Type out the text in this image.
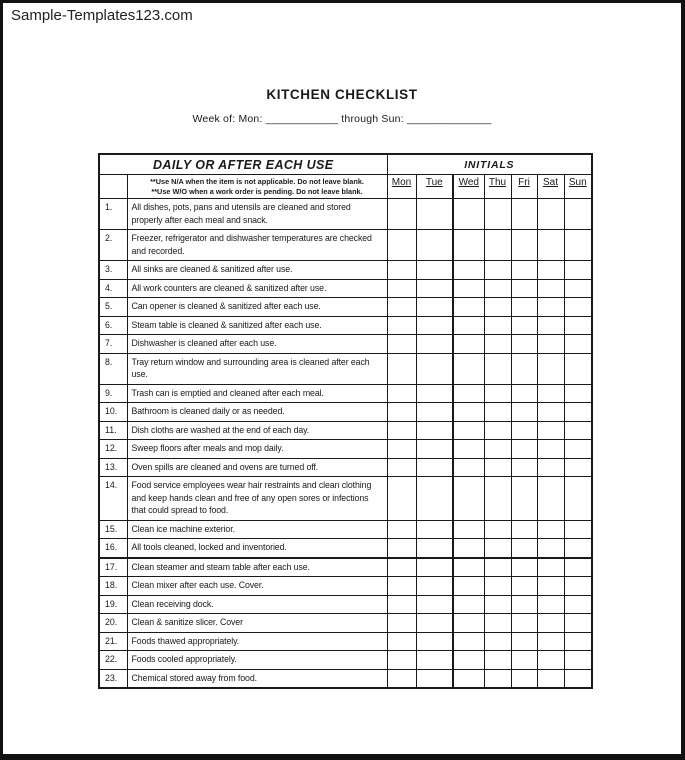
Sample-Templates123.com
KITCHEN CHECKLIST
Week of: Mon: ____________ through Sun: ______________
DAILY OR AFTER EACH USE		INITIALS						

	**Use N/A when the item is not applicable. Do not leave blank.
**Use W/O when a work order is pending. Do not leave blank.	Mon	Tue	Wed	Thu	Fri	Sat	Sun
1.	All dishes, pots, pans and utensils are cleaned and stored properly after each meal and snack.							
2.	Freezer, refrigerator and dishwasher temperatures are checked and recorded.							
3.	All sinks are cleaned & sanitized after use.							
4.	All work counters are cleaned & sanitized after use.							
5.	Can opener is cleaned & sanitized after each use.							
6.	Steam table is cleaned & sanitized after each use.							
7.	Dishwasher is cleaned after each use.							
8.	Tray return window and surrounding area is cleaned after each use.							
9.	Trash can is emptied and cleaned after each meal.							
10.	Bathroom is cleaned daily or as needed.							
11.	Dish cloths are washed at the end of each day.							
12.	Sweep floors after meals and mop daily.							
13.	Oven spills are cleaned and ovens are turned off.							
14.	Food service employees wear hair restraints and clean clothing and keep hands clean and free of any open sores or infections that could spread to food.							
15.	Clean ice machine exterior.							
16.	All tools cleaned, locked and inventoried.							
17.	Clean steamer and steam table after each use.							
18.	Clean mixer after each use. Cover.							
19.	Clean receiving dock.							
20.	Clean & sanitize slicer. Cover							
21.	Foods thawed appropriately.							
22.	Foods cooled appropriately.							
23.	Chemical stored away from food.							
